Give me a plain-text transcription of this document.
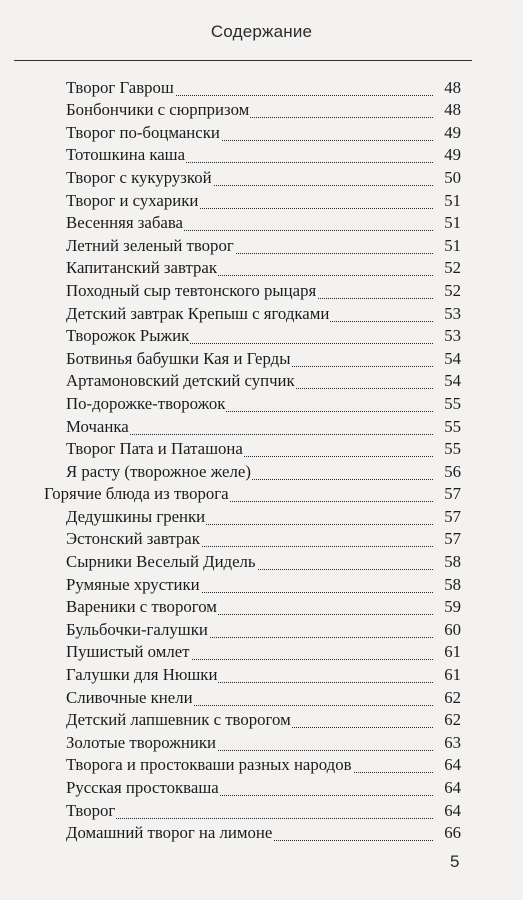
Содержание
Творог Гаврош	48
Бонбончики с сюрпризом	48
Творог по-боцмански	49
Тотошкина каша	49
Творог с кукурузкой	50
Творог и сухарики	51
Весенняя забава	51
Летний зеленый творог	51
Капитанский завтрак	52
Походный сыр тевтонского рыцаря	52
Детский завтрак Крепыш с ягодками	53
Творожок Рыжик	53
Ботвинья бабушки Кая и Герды	54
Артамоновский детский супчик	54
По-дорожке-творожок	55
Мочанка	55
Творог Пата и Паташона	55
Я расту (творожное желе)	56
Горячие блюда из творога	57
Дедушкины гренки	57
Эстонский завтрак	57
Сырники Веселый Дидель	58
Румяные хрустики	58
Вареники с творогом	59
Бульбочки-галушки	60
Пушистый омлет	61
Галушки для Нюшки	61
Сливочные кнели	62
Детский лапшевник с творогом	62
Золотые творожники	63
Творога и простокваши разных народов	64
Русская простокваша	64
Творог	64
Домашний творог на лимоне	66
5
